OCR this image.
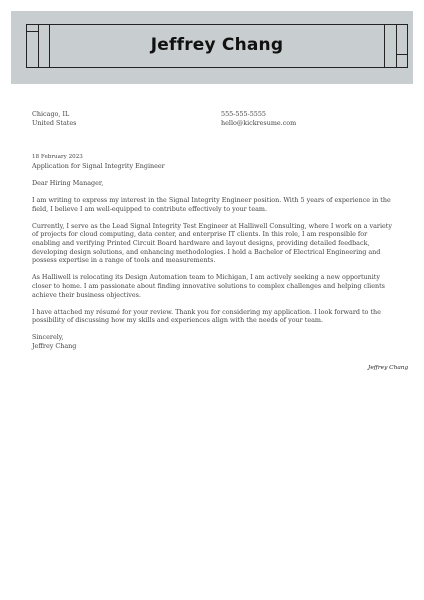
Jeffrey Chang
Chicago, IL
United States
555-555-5555
hello@kickresume.com
18 February 2023
Application for Signal Integrity Engineer
Dear Hiring Manager,
I am writing to express my interest in the Signal Integrity Engineer position. With 5 years of experience in the field, I believe I am well-equipped to contribute effectively to your team.
Currently, I serve as the Lead Signal Integrity Test Engineer at Halliwell Consulting, where I work on a variety of projects for cloud computing, data center, and enterprise IT clients. In this role, I am responsible for enabling and verifying Printed Circuit Board hardware and layout designs, providing detailed feedback, developing design solutions, and enhancing methodologies. I hold a Bachelor of Electrical Engineering and possess expertise in a range of tools and measurements.
As Halliwell is relocating its Design Automation team to Michigan, I am actively seeking a new opportunity closer to home. I am passionate about finding innovative solutions to complex challenges and helping clients achieve their business objectives.
I have attached my résumé for your review. Thank you for considering my application. I look forward to the possibility of discussing how my skills and experiences align with the needs of your team.
Sincerely,
Jeffrey Chang
Jeffrey Chang
